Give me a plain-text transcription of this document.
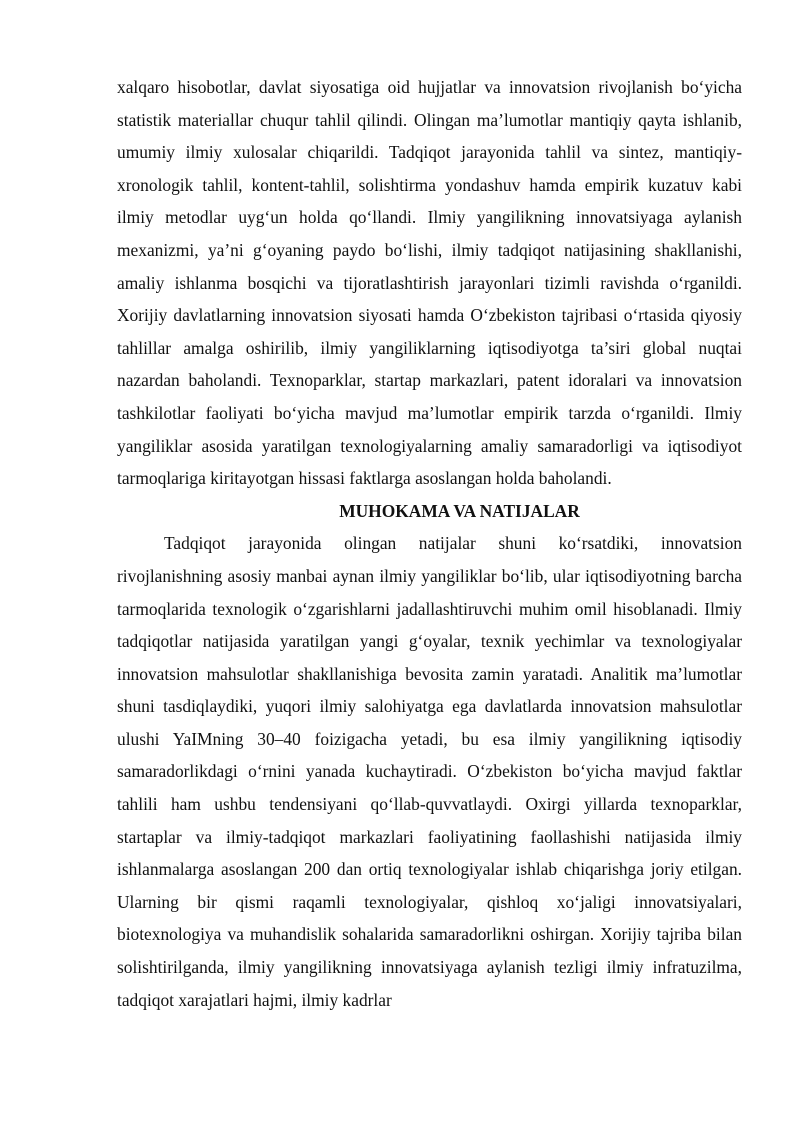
xalqaro hisobotlar, davlat siyosatiga oid hujjatlar va innovatsion rivojlanish bo‘yicha statistik materiallar chuqur tahlil qilindi. Olingan ma’lumotlar mantiqiy qayta ishlanib, umumiy ilmiy xulosalar chiqarildi. Tadqiqot jarayonida tahlil va sintez, mantiqiy-xronologik tahlil, kontent-tahlil, solishtirma yondashuv hamda empirik kuzatuv kabi ilmiy metodlar uyg‘un holda qo‘llandi. Ilmiy yangilikning innovatsiyaga aylanish mexanizmi, ya’ni g‘oyaning paydo bo‘lishi, ilmiy tadqiqot natijasining shakllanishi, amaliy ishlanma bosqichi va tijoratlashtirish jarayonlari tizimli ravishda o‘rganildi. Xorijiy davlatlarning innovatsion siyosati hamda O‘zbekiston tajribasi o‘rtasida qiyosiy tahlillar amalga oshirilib, ilmiy yangiliklarning iqtisodiyotga ta’siri global nuqtai nazardan baholandi. Texnoparklar, startap markazlari, patent idoralari va innovatsion tashkilotlar faoliyati bo‘yicha mavjud ma’lumotlar empirik tarzda o‘rganildi. Ilmiy yangiliklar asosida yaratilgan texnologiyalarning amaliy samaradorligi va iqtisodiyot tarmoqlariga kiritayotgan hissasi faktlarga asoslangan holda baholandi.

MUHOKAMA VA NATIJALAR

Tadqiqot jarayonida olingan natijalar shuni ko‘rsatdiki, innovatsion rivojlanishning asosiy manbai aynan ilmiy yangiliklar bo‘lib, ular iqtisodiyotning barcha tarmoqlarida texnologik o‘zgarishlarni jadallashtiruvchi muhim omil hisoblanadi. Ilmiy tadqiqotlar natijasida yaratilgan yangi g‘oyalar, texnik yechimlar va texnologiyalar innovatsion mahsulotlar shakllanishiga bevosita zamin yaratadi. Analitik ma’lumotlar shuni tasdiqlaydiki, yuqori ilmiy salohiyatga ega davlatlarda innovatsion mahsulotlar ulushi YaIMning 30–40 foizigacha yetadi, bu esa ilmiy yangilikning iqtisodiy samaradorlikdagi o‘rnini yanada kuchaytiradi. O‘zbekiston bo‘yicha mavjud faktlar tahlili ham ushbu tendensiyani qo‘llab-quvvatlaydi. Oxirgi yillarda texnoparklar, startaplar va ilmiy-tadqiqot markazlari faoliyatining faollashishi natijasida ilmiy ishlanmalarga asoslangan 200 dan ortiq texnologiyalar ishlab chiqarishga joriy etilgan. Ularning bir qismi raqamli texnologiyalar, qishloq xo‘jaligi innovatsiyalari, biotexnologiya va muhandislik sohalarida samaradorlikni oshirgan. Xorijiy tajriba bilan solishtirilganda, ilmiy yangilikning innovatsiyaga aylanish tezligi ilmiy infratuzilma, tadqiqot xarajatlari hajmi, ilmiy kadrlar
